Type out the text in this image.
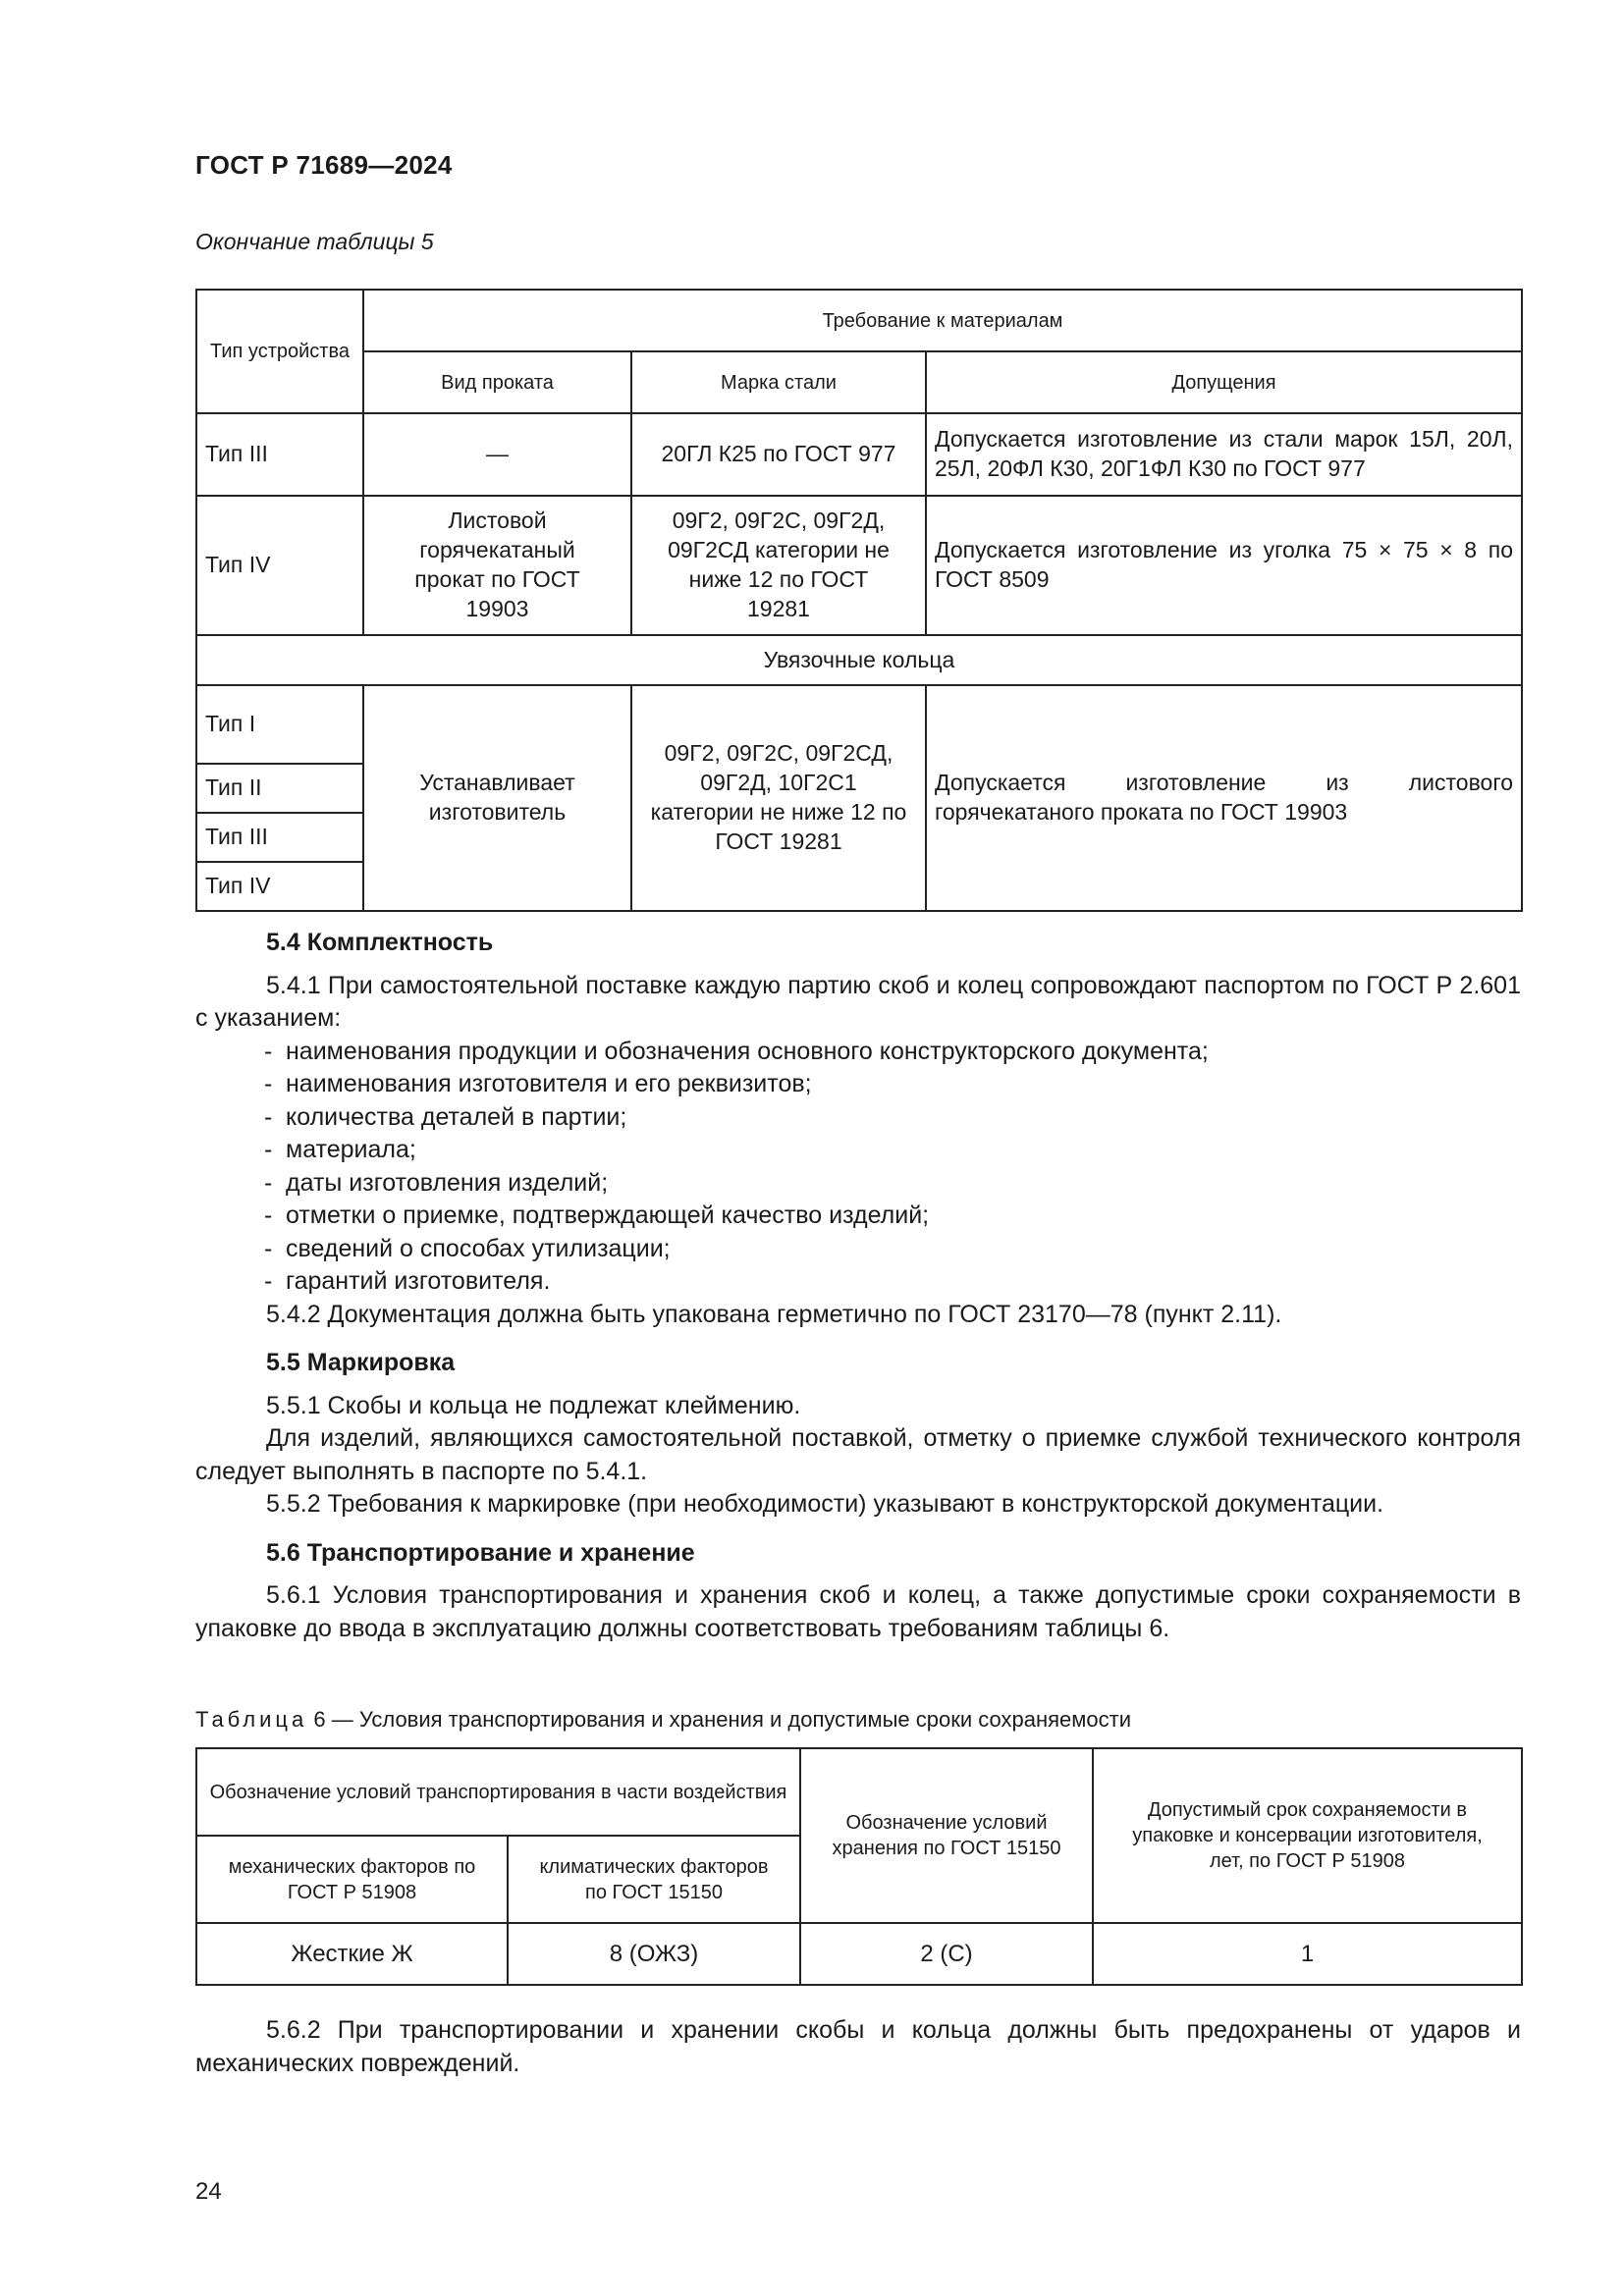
ГОСТ Р 71689—2024
Окончание таблицы 5
Тип устройства	Требование к материалам		
	Вид проката	Марка стали	Допущения
Тип III	—	20ГЛ К25 по ГОСТ 977	Допускается изготовление из стали марок 15Л, 20Л, 25Л, 20ФЛ К30, 20Г1ФЛ К30 по ГОСТ 977
Тип IV	Листовой горячекатаный прокат по ГОСТ 19903	09Г2, 09Г2С, 09Г2Д, 09Г2СД категории не ниже 12 по ГОСТ 19281	Допускается изготовление из уголка 75 × 75 × 8 по ГОСТ 8509
Увязочные кольца			
Тип I	Устанавливает изготовитель	09Г2, 09Г2С, 09Г2СД, 09Г2Д, 10Г2С1 категории не ниже 12 по ГОСТ 19281	Допускается изготовление из листового горячекатаного проката по ГОСТ 19903
Тип II			
Тип III			
Тип IV			

5.4 Комплектность

5.4.1 При самостоятельной поставке каждую партию скоб и колец сопровождают паспортом по ГОСТ Р 2.601 с указанием:

- наименования продукции и обозначения основного конструкторского документа;
- наименования изготовителя и его реквизитов;
- количества деталей в партии;
- материала;
- даты изготовления изделий;
- отметки о приемке, подтверждающей качество изделий;
- сведений о способах утилизации;
- гарантий изготовителя.

5.4.2 Документация должна быть упакована герметично по ГОСТ 23170—78 (пункт 2.11).

5.5 Маркировка

5.5.1 Скобы и кольца не подлежат клеймению.

Для изделий, являющихся самостоятельной поставкой, отметку о приемке службой технического контроля следует выполнять в паспорте по 5.4.1.

5.5.2 Требования к маркировке (при необходимости) указывают в конструкторской документации.

5.6 Транспортирование и хранение

5.6.1 Условия транспортирования и хранения скоб и колец, а также допустимые сроки сохраняемости в упаковке до ввода в эксплуатацию должны соответствовать требованиям таблицы 6.

Таблица 6 — Условия транспортирования и хранения и допустимые сроки сохраняемости
Обозначение условий транспортирования в части воздействия		Обозначение условий хранения по ГОСТ 15150	Допустимый срок сохраняемости в упаковке и консервации изготовителя, лет, по ГОСТ Р 51908
механических факторов по ГОСТ Р 51908	климатических факторов по ГОСТ 15150		
Жесткие Ж	8 (ОЖЗ)	2 (С)	1

5.6.2 При транспортировании и хранении скобы и кольца должны быть предохранены от ударов и механических повреждений.

24
